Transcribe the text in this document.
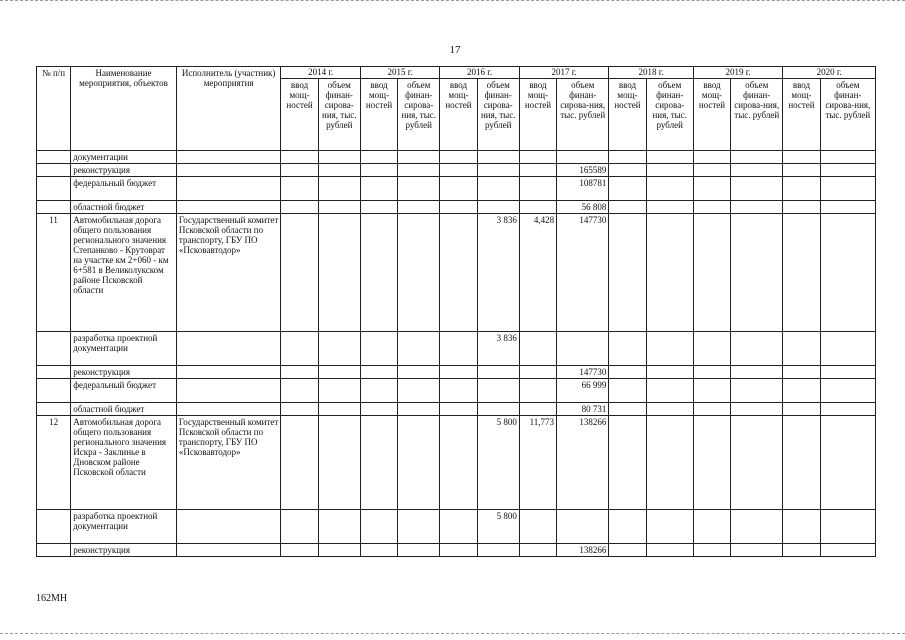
17
№ п/п	Наименование мероприятия, объектов	Исполнитель (участник) мероприятия	2014 г.		2015 г.		2016 г.		2017 г.		2018 г.		2019 г.		2020 г.	
			ввод мощ-ностей	объем финан-сирова-ния, тыс. рублей	ввод мощ-ностей	объем финан-сирова-ния, тыс. рублей	ввод мощ-ностей	объем финан-сирова-ния, тыс. рублей	ввод мощ-ностей	объем финан-сирова-ния, тыс. рублей	ввод мощ-ностей	объем финан-сирова-ния, тыс. рублей	ввод мощ-ностей	объем финан-сирова-ния, тыс. рублей	ввод мощ-ностей	объем финан-сирова-ния, тыс. рублей
	документации															
	реконструкция									165589						
	федеральный бюджет									108781						
	областной бюджет									56 808						
11	Автомобильная дорога общего пользования регионального значения Степанково - Крутоврат на участке км 2+060 - км 6+581 в Великолукском районе Псковской области	Государственный комитет Псковской области по транспорту, ГБУ ПО «Псковавтодор»						3 836	4,428	147730						
	разработка проектной документации							3 836								
	реконструкция									147730						
	федеральный бюджет									66 999						
	областной бюджет									80 731						
12	Автомобильная дорога общего пользования регионального значения Искра - Заклинье в Дновском районе Псковской области	Государственный комитет Псковской области по транспорту, ГБУ ПО «Псковавтодор»						5 800	11,773	138266						
	разработка проектной документации							5 800								
	реконструкция									138266						
162МН
